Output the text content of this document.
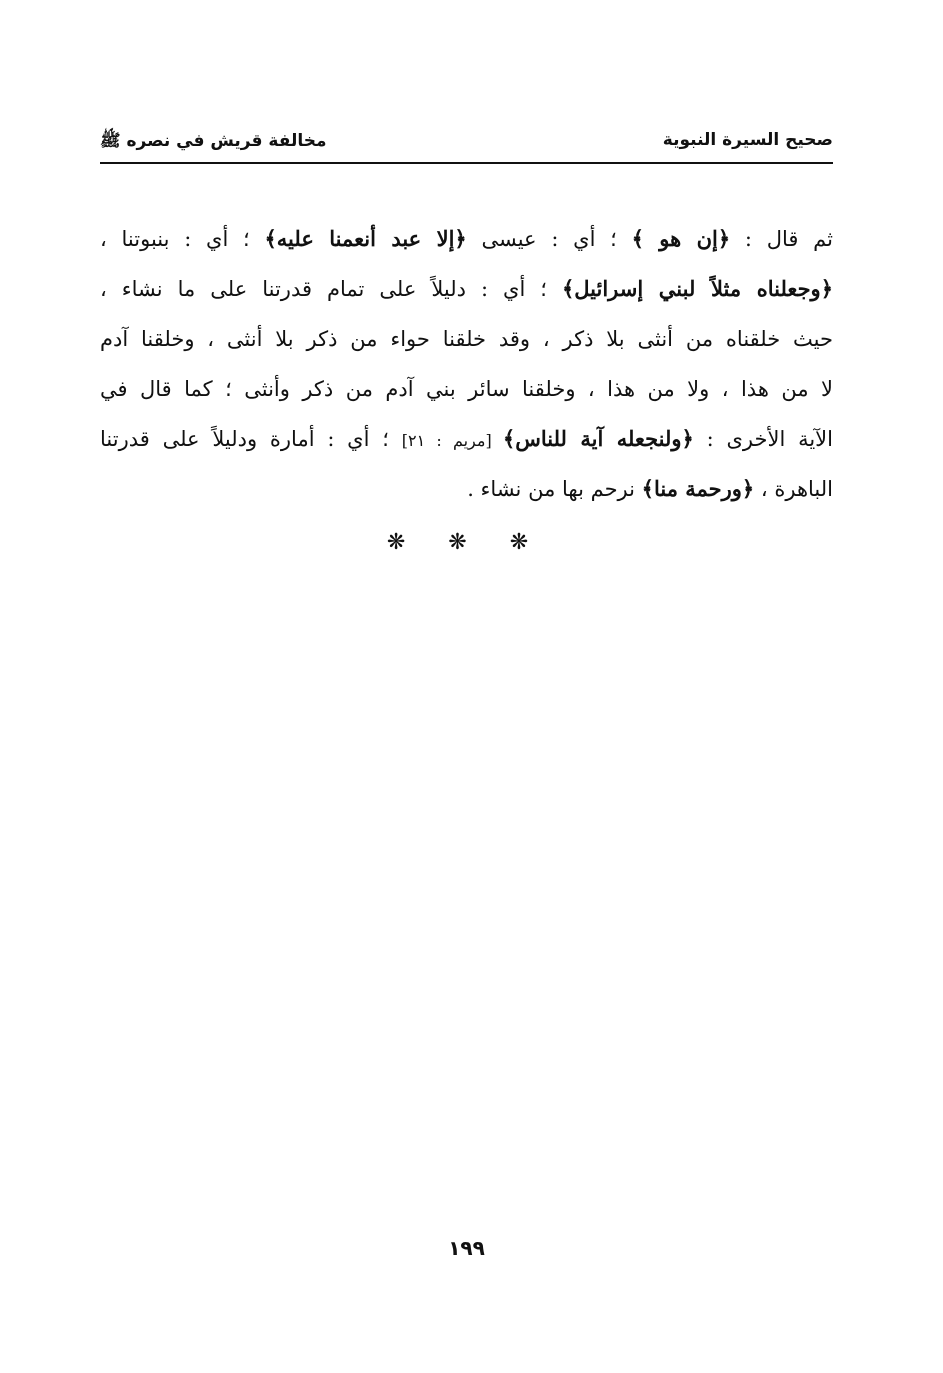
صحيح السيرة النبوية
مخالفة قريش في نصره ﷺ
ثم قال : ﴿إن هو ﴾ ؛ أي : عيسى ﴿إلا عبد أنعمنا عليه﴾ ؛ أي : بنبوتنا ،
﴿وجعلناه مثلاً لبني إسرائيل﴾ ؛ أي : دليلاً على تمام قدرتنا على ما نشاء ،
حيث خلقناه من أنثى بلا ذكر ، وقد خلقنا حواء من ذكر بلا أنثى ، وخلقنا آدم
لا من هذا ، ولا من هذا ، وخلقنا سائر بني آدم من ذكر وأنثى ؛ كما قال في
الآية الأخرى : ﴿ولنجعله آية للناس﴾ [مريم : ٢١] ؛ أي : أمارة ودليلاً على قدرتنا
الباهرة ، ﴿ورحمة منا﴾ نرحم بها من نشاء .
❋ ❋ ❋
١٩٩
